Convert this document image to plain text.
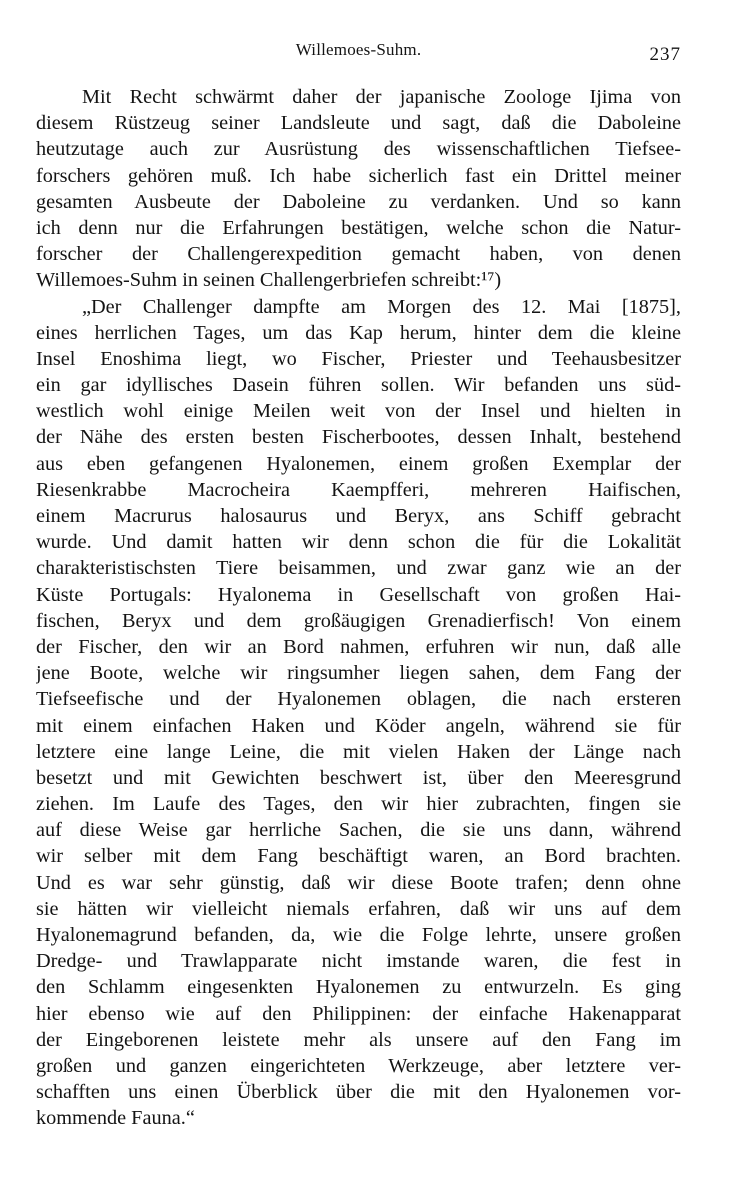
Willemoes-Suhm.	237
Mit Recht schwärmt daher der japanische Zoologe Ijima von
diesem Rüstzeug seiner Landsleute und sagt, daß die Daboleine
heutzutage auch zur Ausrüstung des wissenschaftlichen Tiefsee-
forschers gehören muß. Ich habe sicherlich fast ein Drittel meiner
gesamten Ausbeute der Daboleine zu verdanken. Und so kann
ich denn nur die Erfahrungen bestätigen, welche schon die Natur-
forscher der Challengerexpedition gemacht haben, von denen
Willemoes-Suhm in seinen Challengerbriefen schreibt:¹⁷)
„Der Challenger dampfte am Morgen des 12. Mai [1875],
eines herrlichen Tages, um das Kap herum, hinter dem die kleine
Insel Enoshima liegt, wo Fischer, Priester und Teehausbesitzer
ein gar idyllisches Dasein führen sollen. Wir befanden uns süd-
westlich wohl einige Meilen weit von der Insel und hielten in
der Nähe des ersten besten Fischerbootes, dessen Inhalt, bestehend
aus eben gefangenen Hyalonemen, einem großen Exemplar der
Riesenkrabbe Macrocheira Kaempfferi, mehreren Haifischen,
einem Macrurus halosaurus und Beryx, ans Schiff gebracht
wurde. Und damit hatten wir denn schon die für die Lokalität
charakteristischsten Tiere beisammen, und zwar ganz wie an der
Küste Portugals: Hyalonema in Gesellschaft von großen Hai-
fischen, Beryx und dem großäugigen Grenadierfisch! Von einem
der Fischer, den wir an Bord nahmen, erfuhren wir nun, daß alle
jene Boote, welche wir ringsumher liegen sahen, dem Fang der
Tiefseefische und der Hyalonemen oblagen, die nach ersteren
mit einem einfachen Haken und Köder angeln, während sie für
letztere eine lange Leine, die mit vielen Haken der Länge nach
besetzt und mit Gewichten beschwert ist, über den Meeresgrund
ziehen. Im Laufe des Tages, den wir hier zubrachten, fingen sie
auf diese Weise gar herrliche Sachen, die sie uns dann, während
wir selber mit dem Fang beschäftigt waren, an Bord brachten.
Und es war sehr günstig, daß wir diese Boote trafen; denn ohne
sie hätten wir vielleicht niemals erfahren, daß wir uns auf dem
Hyalonemagrund befanden, da, wie die Folge lehrte, unsere großen
Dredge- und Trawlapparate nicht imstande waren, die fest in
den Schlamm eingesenkten Hyalonemen zu entwurzeln. Es ging
hier ebenso wie auf den Philippinen: der einfache Hakenapparat
der Eingeborenen leistete mehr als unsere auf den Fang im
großen und ganzen eingerichteten Werkzeuge, aber letztere ver-
schafften uns einen Überblick über die mit den Hyalonemen vor-
kommende Fauna.“
